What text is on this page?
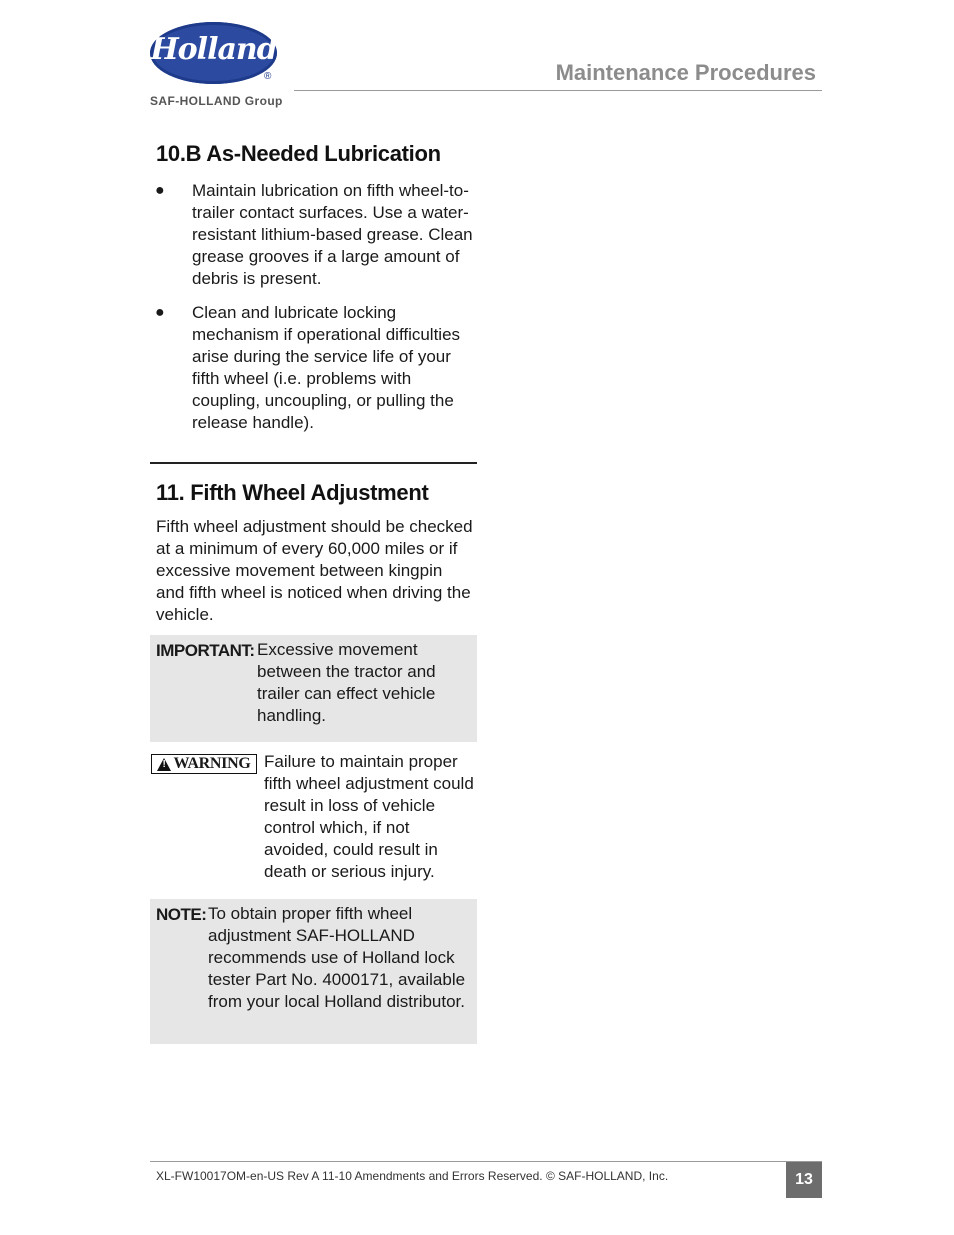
Holland
®
SAF-HOLLAND Group
Maintenance Procedures
10.B As-Needed Lubrication
● Maintain lubrication on fifth wheel-to-trailer contact surfaces. Use a water-resistant lithium-based grease. Clean grease grooves if a large amount of debris is present.

● Clean and lubricate locking mechanism if operational difficulties arise during the service life of your fifth wheel (i.e. problems with coupling, uncoupling, or pulling the release handle).

11. Fifth Wheel Adjustment

Fifth wheel adjustment should be checked at a minimum of every 60,000 miles or if excessive movement between kingpin and fifth wheel is noticed when driving the vehicle.

IMPORTANT: Excessive movement between the tractor and trailer can effect vehicle handling.

!
WARNING Failure to maintain proper fifth wheel adjustment could result in loss of vehicle control which, if not avoided, could result in death or serious injury.

NOTE: To obtain proper fifth wheel adjustment SAF-HOLLAND recommends use of Holland lock tester Part No. 4000171, available from your local Holland distributor.

XL-FW10017OM-en-US Rev A 11-10 Amendments and Errors Reserved. © SAF-HOLLAND, Inc.	13
